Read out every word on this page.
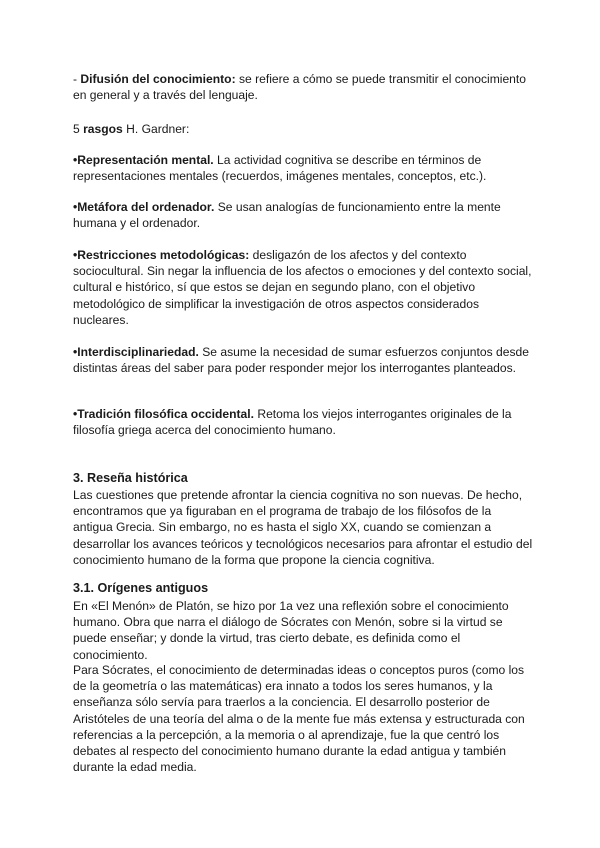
- Difusión del conocimiento: se refiere a cómo se puede transmitir el conocimiento en general y a través del lenguaje.

5 rasgos H. Gardner:

•Representación mental. La actividad cognitiva se describe en términos de representaciones mentales (recuerdos, imágenes mentales, conceptos, etc.).

•Metáfora del ordenador. Se usan analogías de funcionamiento entre la mente humana y el ordenador.

•Restricciones metodológicas: desligazón de los afectos y del contexto sociocultural. Sin negar la influencia de los afectos o emociones y del contexto social, cultural e histórico, sí que estos se dejan en segundo plano, con el objetivo metodológico de simplificar la investigación de otros aspectos considerados nucleares.

•Interdisciplinariedad. Se asume la necesidad de sumar esfuerzos conjuntos desde distintas áreas del saber para poder responder mejor los interrogantes planteados.

•Tradición filosófica occidental. Retoma los viejos interrogantes originales de la filosofía griega acerca del conocimiento humano.

3. Reseña histórica

Las cuestiones que pretende afrontar la ciencia cognitiva no son nuevas. De hecho, encontramos que ya figuraban en el programa de trabajo de los filósofos de la antigua Grecia. Sin embargo, no es hasta el siglo XX, cuando se comienzan a desarrollar los avances teóricos y tecnológicos necesarios para afrontar el estudio del conocimiento humano de la forma que propone la ciencia cognitiva.

3.1. Orígenes antiguos

En «El Menón» de Platón, se hizo por 1a vez una reflexión sobre el conocimiento humano. Obra que narra el diálogo de Sócrates con Menón, sobre si la virtud se puede enseñar; y donde la virtud, tras cierto debate, es definida como el conocimiento.

Para Sócrates, el conocimiento de determinadas ideas o conceptos puros (como los de la geometría o las matemáticas) era innato a todos los seres humanos, y la enseñanza sólo servía para traerlos a la conciencia. El desarrollo posterior de Aristóteles de una teoría del alma o de la mente fue más extensa y estructurada con referencias a la percepción, a la memoria o al aprendizaje, fue la que centró los debates al respecto del conocimiento humano durante la edad antigua y también durante la edad media.
